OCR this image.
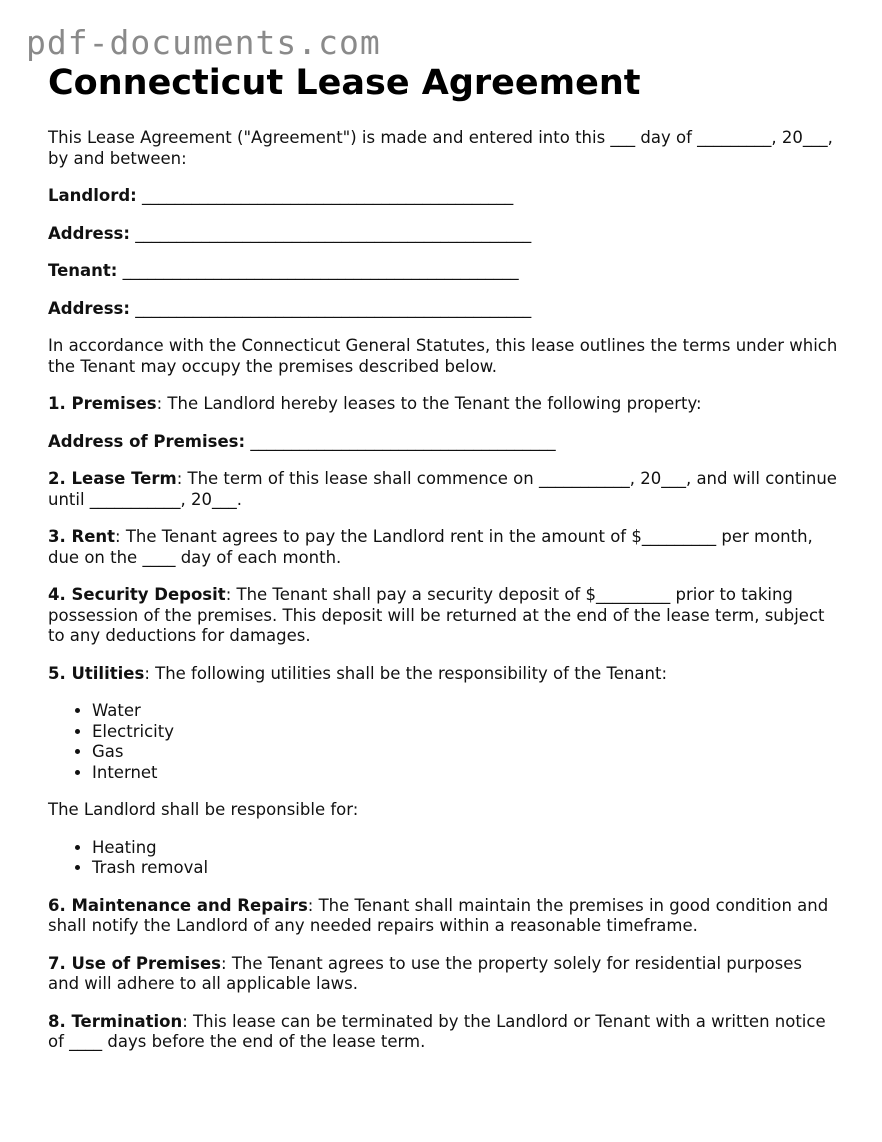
pdf-documents.com
Connecticut Lease Agreement

This Lease Agreement ("Agreement") is made and entered into this ___ day of _________, 20___, by and between:

Landlord: _____________________________________________
Address: ________________________________________________
Tenant: ________________________________________________
Address: ________________________________________________

In accordance with the Connecticut General Statutes, this lease outlines the terms under which the Tenant may occupy the premises described below.

1. Premises: The Landlord hereby leases to the Tenant the following property:

Address of Premises: _____________________________________

2. Lease Term: The term of this lease shall commence on ___________, 20___, and will continue until ___________, 20___.

3. Rent: The Tenant agrees to pay the Landlord rent in the amount of $_________ per month, due on the ____ day of each month.

4. Security Deposit: The Tenant shall pay a security deposit of $_________ prior to taking possession of the premises. This deposit will be returned at the end of the lease term, subject to any deductions for damages.

5. Utilities: The following utilities shall be the responsibility of the Tenant:

• Water
• Electricity
• Gas
• Internet

The Landlord shall be responsible for:

• Heating
• Trash removal

6. Maintenance and Repairs: The Tenant shall maintain the premises in good condition and shall notify the Landlord of any needed repairs within a reasonable timeframe.

7. Use of Premises: The Tenant agrees to use the property solely for residential purposes and will adhere to all applicable laws.

8. Termination: This lease can be terminated by the Landlord or Tenant with a written notice of ____ days before the end of the lease term.
